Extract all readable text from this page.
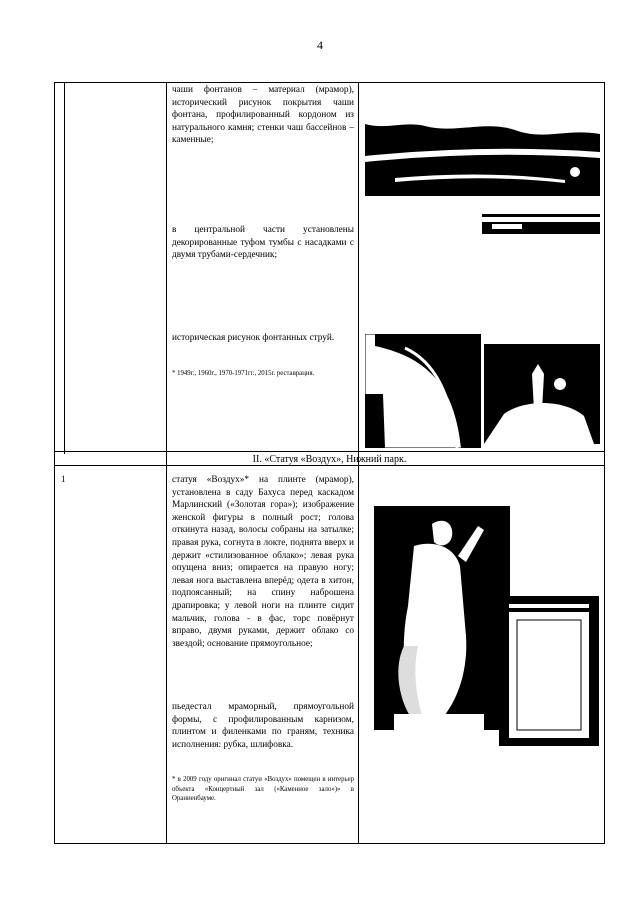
4
чаши фонтанов – материал (мрамор), исторический рисунок покрытия чаши фонтана, профилированный кордоном из натурального камня; стенки чаш бассейнов – каменные;
в центральной части установлены декорированные туфом тумбы с насадками с двумя трубами-сердечник;
историческая рисунок фонтанных струй.
* 1949г., 1960г., 1970-1971гг., 2015г. реставрация.
II. «Статуя «Воздух», Нижний парк.
1	статуя «Воздух»* на плинте (мрамор), установлена в саду Бахуса перед каскадом Марлинский («Золотая гора»); изображение женской фигуры в полный рост; голова откинута назад, волосы собраны на затылке; правая рука, согнута в локте, поднята вверх и держит «стилизованное облако»; левая рука опущена вниз; опирается на правую ногу; левая нога выставлена вперёд; одета в хитон, подпоясанный; на спину наброшена драпировка; у левой ноги на плинте сидит мальчик, голова - в фас, торс повёрнут вправо, двумя руками, держит облако со звездой; основание прямоугольное;
пьедестал мраморный, прямоугольной формы, с профилированным карнизом, плинтом и филенками по граням, техника исполнения: рубка, шлифовка.
* в 2009 году оригинал статуи «Воздух» помещен в интерьер объекта «Концертный зал («Каменное зало»)» в Ораниенбауме.
